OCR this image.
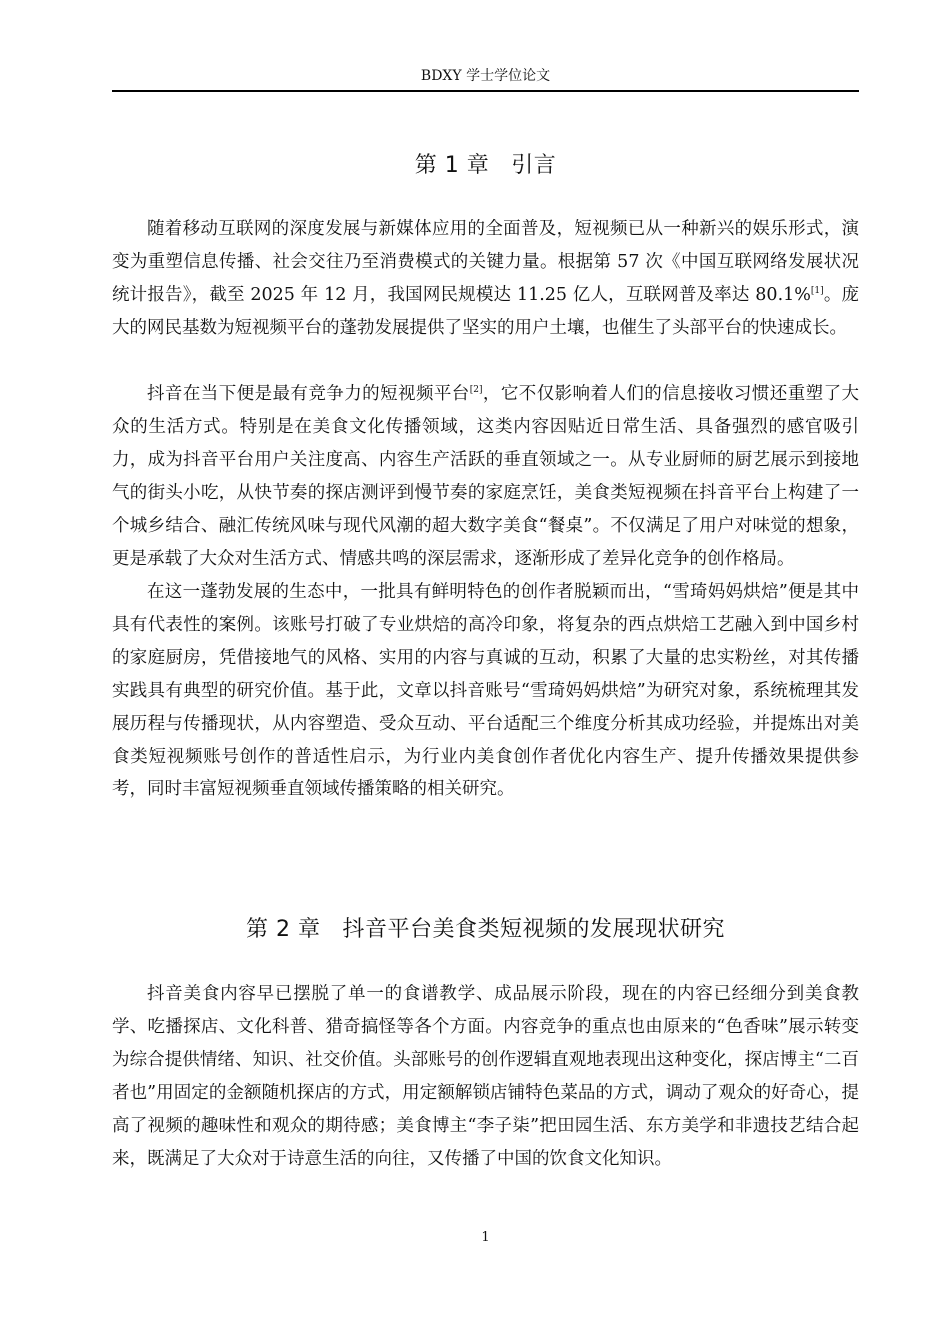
BDXY 学士学位论文
第 1 章 引言

随着移动互联网的深度发展与新媒体应用的全面普及，短视频已从一种新兴的娱乐形式，演变为重塑信息传播、社会交往乃至消费模式的关键力量。根据第 57 次《中国互联网络发展状况统计报告》，截至 2025 年 12 月，我国网民规模达 11.25 亿人，互联网普及率达 80.1%[1]。庞大的网民基数为短视频平台的蓬勃发展提供了坚实的用户土壤，也催生了头部平台的快速成长。

抖音在当下便是最有竞争力的短视频平台[2]，它不仅影响着人们的信息接收习惯还重塑了大众的生活方式。特别是在美食文化传播领域，这类内容因贴近日常生活、具备强烈的感官吸引力，成为抖音平台用户关注度高、内容生产活跃的垂直领域之一。从专业厨师的厨艺展示到接地气的街头小吃，从快节奏的探店测评到慢节奏的家庭烹饪，美食类短视频在抖音平台上构建了一个城乡结合、融汇传统风味与现代风潮的超大数字美食“餐桌”。不仅满足了用户对味觉的想象，更是承载了大众对生活方式、情感共鸣的深层需求，逐渐形成了差异化竞争的创作格局。

在这一蓬勃发展的生态中，一批具有鲜明特色的创作者脱颖而出，“雪琦妈妈烘焙”便是其中具有代表性的案例。该账号打破了专业烘焙的高冷印象，将复杂的西点烘焙工艺融入到中国乡村的家庭厨房，凭借接地气的风格、实用的内容与真诚的互动，积累了大量的忠实粉丝，对其传播实践具有典型的研究价值。基于此，文章以抖音账号“雪琦妈妈烘焙”为研究对象，系统梳理其发展历程与传播现状，从内容塑造、受众互动、平台适配三个维度分析其成功经验，并提炼出对美食类短视频账号创作的普适性启示，为行业内美食创作者优化内容生产、提升传播效果提供参考，同时丰富短视频垂直领域传播策略的相关研究。

第 2 章 抖音平台美食类短视频的发展现状研究

抖音美食内容早已摆脱了单一的食谱教学、成品展示阶段，现在的内容已经细分到美食教学、吃播探店、文化科普、猎奇搞怪等各个方面。内容竞争的重点也由原来的“色香味”展示转变为综合提供情绪、知识、社交价值。头部账号的创作逻辑直观地表现出这种变化，探店博主“二百者也”用固定的金额随机探店的方式，用定额解锁店铺特色菜品的方式，调动了观众的好奇心，提高了视频的趣味性和观众的期待感；美食博主“李子柒”把田园生活、东方美学和非遗技艺结合起来，既满足了大众对于诗意生活的向往，又传播了中国的饮食文化知识。

1
